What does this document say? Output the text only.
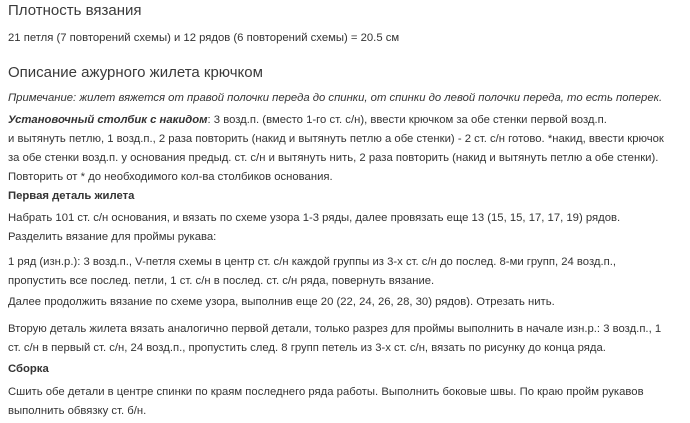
Плотность вязания
21 петля (7 повторений схемы) и 12 рядов (6 повторений схемы) = 20.5 см
Описание ажурного жилета крючком
Примечание: жилет вяжется от правой полочки переда до спинки, от спинки до левой полочки переда, то есть поперек.
Установочный столбик с накидом: 3 возд.п. (вместо 1-го ст. с/н), ввести крючком за обе стенки первой возд.п.
и вытянуть петлю, 1 возд.п., 2 раза повторить (накид и вытянуть петлю а обе стенки) - 2 ст. с/н готово. *накид, ввести крючок
за обе стенки возд.п. у основания предыд. ст. с/н и вытянуть нить, 2 раза повторить (накид и вытянуть петлю а обе стенки).
Повторить от * до необходимого кол-ва столбиков основания.
Первая деталь жилета
Набрать 101 ст. с/н основания, и вязать по схеме узора 1-3 ряды, далее провязать еще 13 (15, 15, 17, 17, 19) рядов.
Разделить вязание для проймы рукава:
1 ряд (изн.р.): 3 возд.п., V-петля схемы в центр ст. с/н каждой группы из 3-х ст. с/н до послед. 8-ми групп, 24 возд.п.,
пропустить все послед. петли, 1 ст. с/н в послед. ст. с/н ряда, повернуть вязание.
Далее продолжить вязание по схеме узора, выполнив еще 20 (22, 24, 26, 28, 30) рядов). Отрезать нить.
Вторую деталь жилета вязать аналогично первой детали, только разрез для проймы выполнить в начале изн.р.: 3 возд.п., 1
ст. с/н в первый ст. с/н, 24 возд.п., пропустить след. 8 групп петель из 3-х ст. с/н, вязать по рисунку до конца ряда.
Сборка
Сшить обе детали в центре спинки по краям последнего ряда работы. Выполнить боковые швы. По краю пройм рукавов
выполнить обвязку ст. б/н.
